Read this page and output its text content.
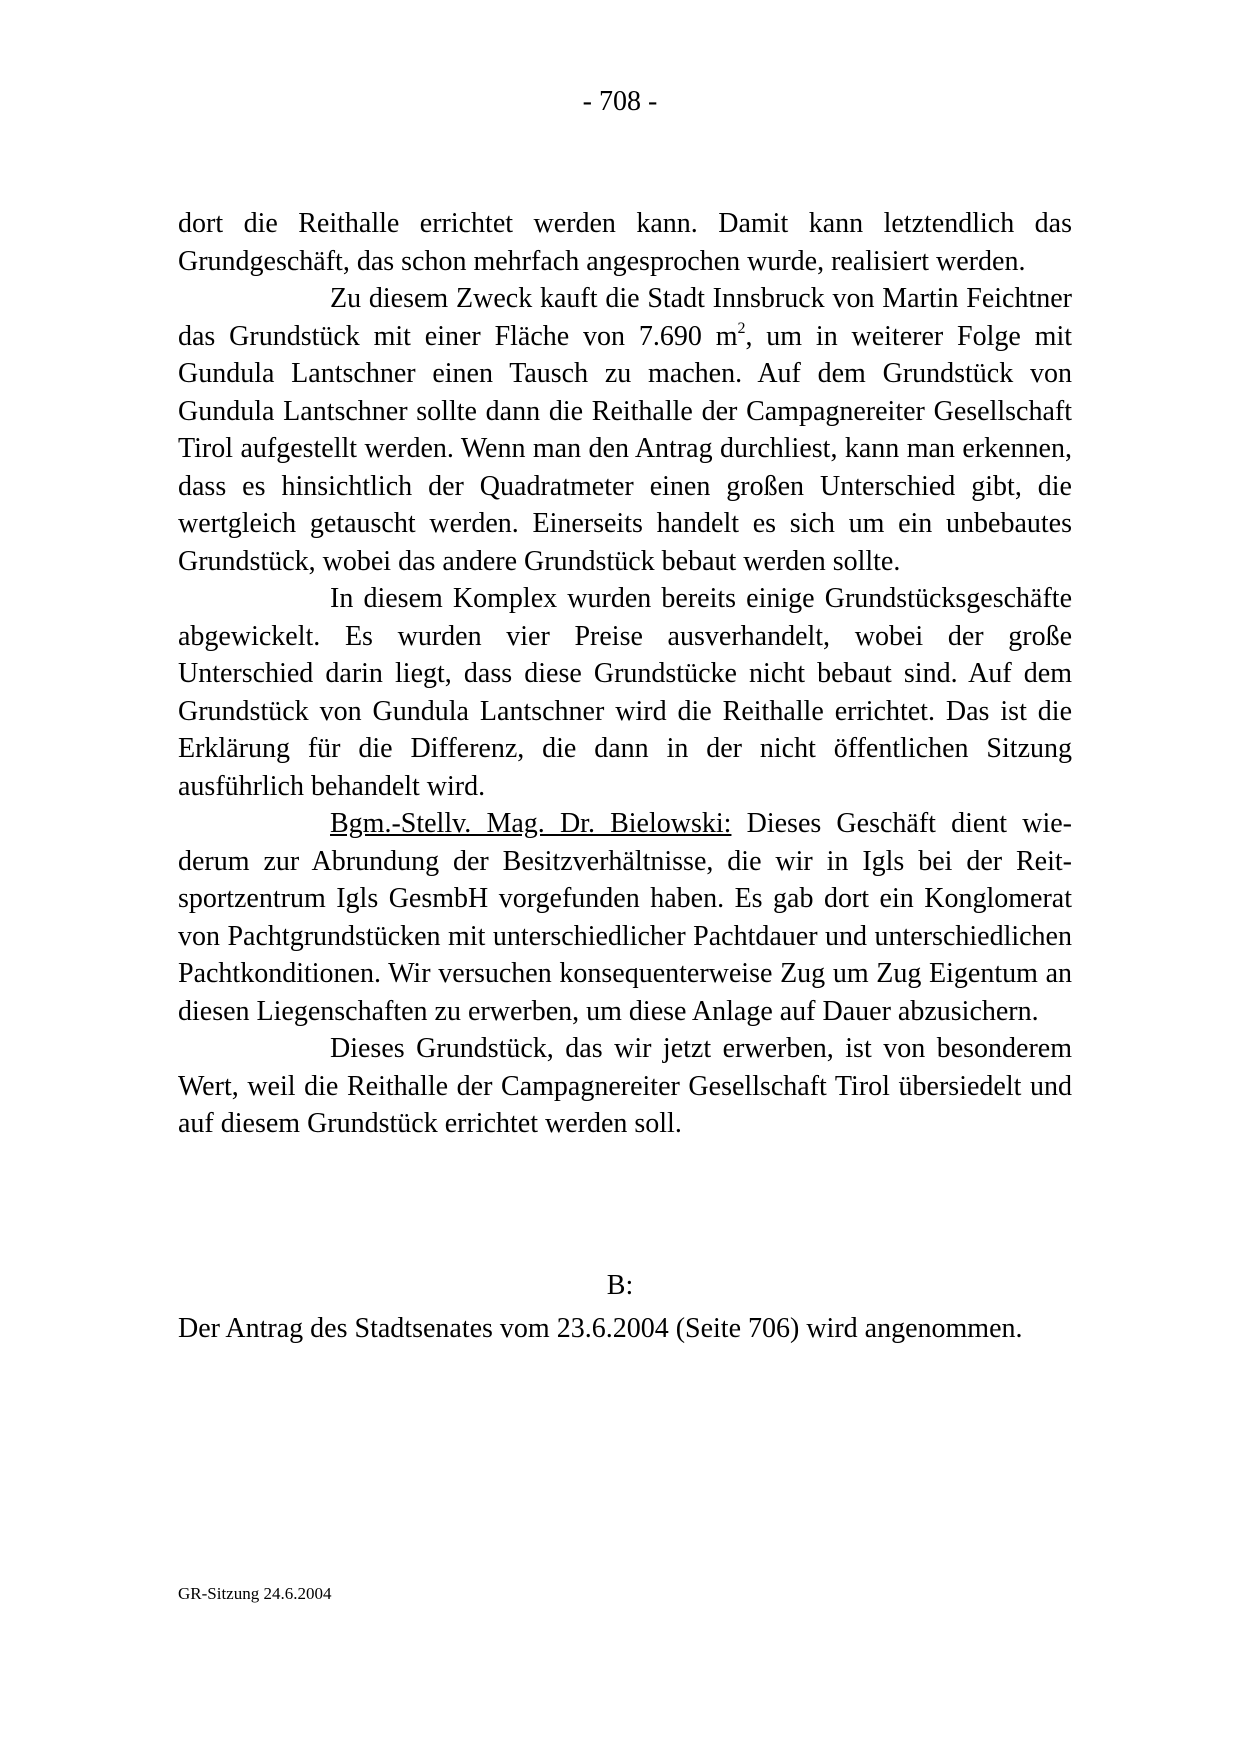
- 708 -

dort die Reithalle errichtet werden kann. Damit kann letztendlich das Grundgeschäft, das schon mehrfach angesprochen wurde, realisiert werden.

Zu diesem Zweck kauft die Stadt Innsbruck von Martin Feichtner das Grundstück mit einer Fläche von 7.690 $m^2$, um in weiterer Folge mit Gundula Lantschner einen Tausch zu machen. Auf dem Grundstück von Gundula Lantschner sollte dann die Reithalle der Campagnereiter Gesellschaft Tirol aufgestellt werden. Wenn man den Antrag durchliest, kann man erkennen, dass es hinsichtlich der Quadratmeter einen großen Unterschied gibt, die wertgleich getauscht werden. Einerseits handelt es sich um ein unbebautes Grundstück, wobei das andere Grundstück bebaut werden sollte.

In diesem Komplex wurden bereits einige Grundstücksgeschäfte abgewickelt. Es wurden vier Preise ausverhandelt, wobei der große Unterschied darin liegt, dass diese Grundstücke nicht bebaut sind. Auf dem Grundstück von Gundula Lantschner wird die Reithalle errichtet. Das ist die Erklärung für die Differenz, die dann in der nicht öffentlichen Sitzung ausführlich behandelt wird.

Bgm.-Stellv. Mag. Dr. Bielowski: Dieses Geschäft dient wiederum zur Abrundung der Besitzverhältnisse, die wir in Igls bei der Reitsportzentrum Igls GesmbH vorgefunden haben. Es gab dort ein Konglomerat von Pachtgrundstücken mit unterschiedlicher Pachtdauer und unterschiedlichen Pachtkonditionen. Wir versuchen konsequenterweise Zug um Zug Eigentum an diesen Liegenschaften zu erwerben, um diese Anlage auf Dauer abzusichern.

Dieses Grundstück, das wir jetzt erwerben, ist von besonderem Wert, weil die Reithalle der Campagnereiter Gesellschaft Tirol übersiedelt und auf diesem Grundstück errichtet werden soll.

B:
Der Antrag des Stadtsenates vom 23.6.2004 (Seite 706) wird angenommen.
GR-Sitzung 24.6.2004
